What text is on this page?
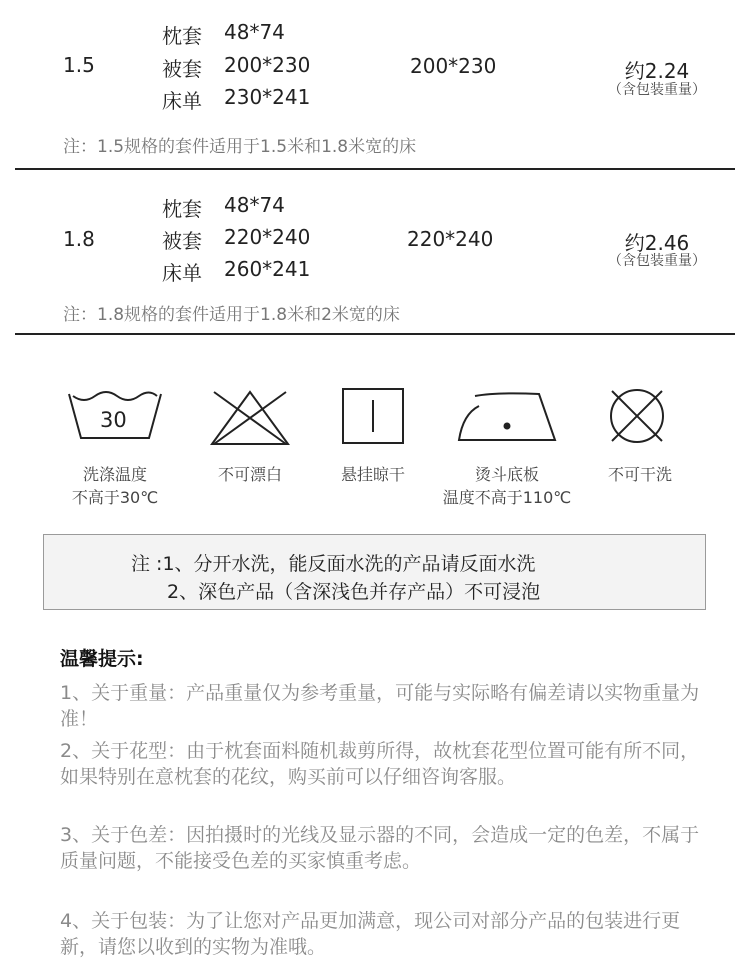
1.5
枕套 48*74
被套 200*230
床单 230*241
200*230	约2.24
（含包装重量）
注：1.5规格的套件适用于1.5米和1.8米宽的床
1.8
枕套 48*74
被套 220*240
床单 260*241
220*240	约2.46
（含包装重量）
注：1.8规格的套件适用于1.8米和2米宽的床
30
洗涤温度
不高于30℃
不可漂白	悬挂晾干	烫斗底板
温度不高于110℃
不可干洗
注 :1、分开水洗，能反面水洗的产品请反面水洗
2、深色产品（含深浅色并存产品）不可浸泡
温馨提示:
1、关于重量：产品重量仅为参考重量，可能与实际略有偏差请以实物重量为准！
2、关于花型：由于枕套面料随机裁剪所得，故枕套花型位置可能有所不同，如果特别在意枕套的花纹，购买前可以仔细咨询客服。
3、关于色差：因拍摄时的光线及显示器的不同，会造成一定的色差，不属于质量问题，不能接受色差的买家慎重考虑。
4、关于包装：为了让您对产品更加满意，现公司对部分产品的包装进行更新，请您以收到的实物为准哦。
